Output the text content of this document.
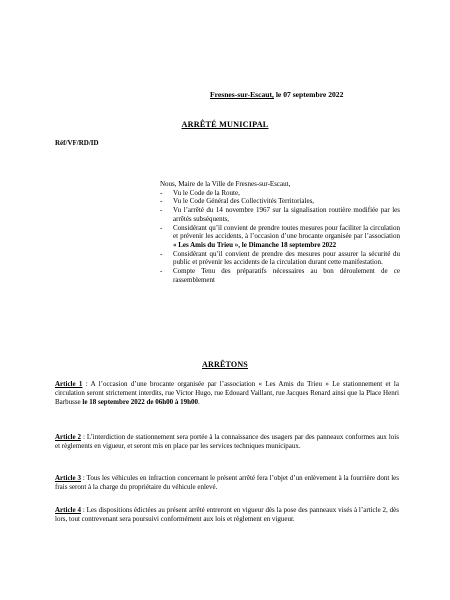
Fresnes-sur-Escaut, le 07 septembre 2022
ARRÊTÉ MUNICIPAL
Réf/VF/RD/ID

Nous, Maire de la Ville de Fresnes-sur-Escaut,

- Vu le Code de la Route,
- Vu le Code Général des Collectivités Territoriales,
- Vu l’arrêté du 14 novembre 1967 sur la signalisation routière modifiée par les arrêtés subséquents,
- Considérant qu’il convient de prendre toutes mesures pour faciliter la circulation et prévenir les accidents, à l’occasion d’une brocante organisée par l’association « Les Amis du Trieu », le Dimanche 18 septembre 2022
- Considérant qu’il convient de prendre des mesures pour assurer la sécurité du public et prévenir les accidents de la circulation durant cette manifestation.
- Compte Tenu des préparatifs nécessaires au bon déroulement de ce rassemblement
ARRÊTONS
Article 1 : A l’occasion d’une brocante organisée par l’association « Les Amis du Trieu » Le stationnement et la circulation seront strictement interdits, rue Victor Hugo, rue Edouard Vaillant, rue Jacques Renard ainsi que la Place Henri Barbusse le 18 septembre 2022 de 06h00 à 19h00.
Article 2 : L’interdiction de stationnement sera portée à la connaissance des usagers par des panneaux conformes aux lois et règlements en vigueur, et seront mis en place par les services techniques municipaux.
Article 3 : Tous les véhicules en infraction concernant le présent arrêté fera l’objet d’un enlèvement à la fourrière dont les frais seront à la charge du propriétaire du véhicule enlevé.
Article 4 : Les dispositions édictées au présent arrêté entreront en vigueur dès la pose des panneaux visés à l’article 2, dès lors, tout contrevenant sera poursuivi conformément aux lois et règlement en vigueur.
